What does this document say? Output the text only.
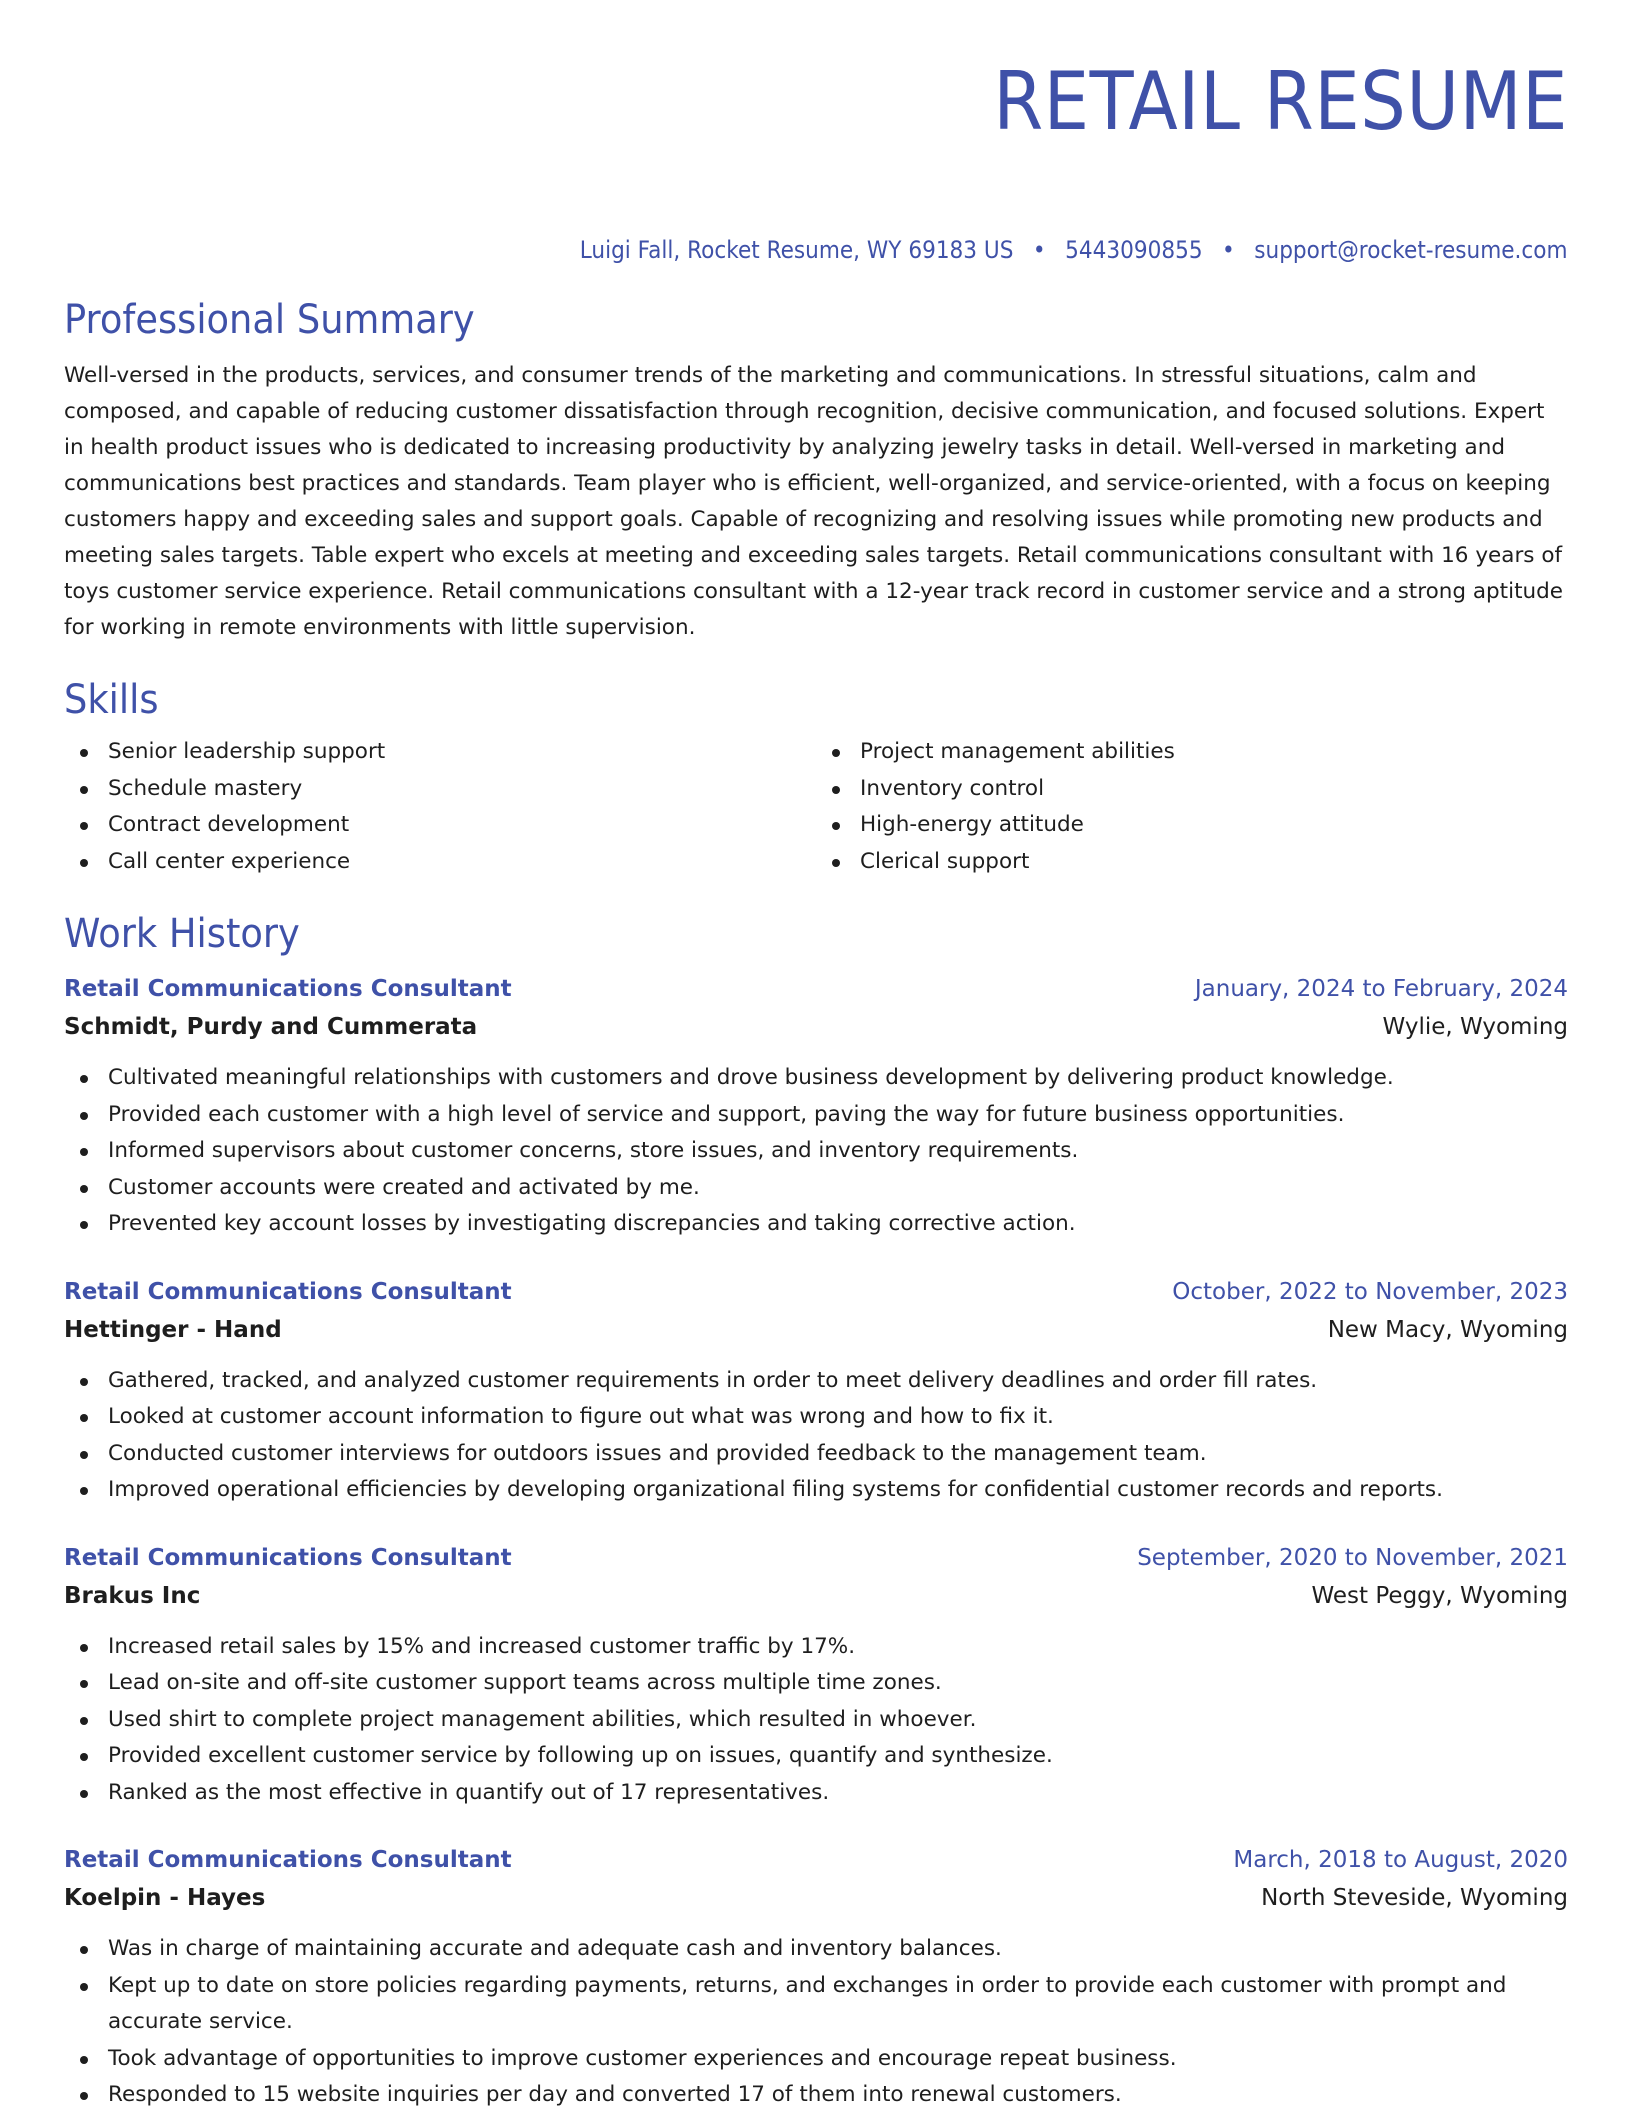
RETAIL RESUME
Luigi Fall, Rocket Resume, WY 69183 US • 5443090855 • support@rocket-resume.com
Professional Summary

Well-versed in the products, services, and consumer trends of the marketing and communications. In stressful situations, calm and composed, and capable of reducing customer dissatisfaction through recognition, decisive communication, and focused solutions. Expert in health product issues who is dedicated to increasing productivity by analyzing jewelry tasks in detail. Well-versed in marketing and communications best practices and standards. Team player who is efficient, well-organized, and service-oriented, with a focus on keeping customers happy and exceeding sales and support goals. Capable of recognizing and resolving issues while promoting new products and meeting sales targets. Table expert who excels at meeting and exceeding sales targets. Retail communications consultant with 16 years of toys customer service experience. Retail communications consultant with a 12-year track record in customer service and a strong aptitude for working in remote environments with little supervision.

Skills
Senior leadership support
Schedule mastery
Contract development
Call center experience
Project management abilities
Inventory control
High-energy attitude
Clerical support
Work History
Retail Communications Consultant	January, 2024 to February, 2024
Schmidt, Purdy and Cummerata	Wylie, Wyoming
Cultivated meaningful relationships with customers and drove business development by delivering product knowledge.
Provided each customer with a high level of service and support, paving the way for future business opportunities.
Informed supervisors about customer concerns, store issues, and inventory requirements.
Customer accounts were created and activated by me.
Prevented key account losses by investigating discrepancies and taking corrective action.
Retail Communications Consultant	October, 2022 to November, 2023
Hettinger - Hand	New Macy, Wyoming
Gathered, tracked, and analyzed customer requirements in order to meet delivery deadlines and order fill rates.
Looked at customer account information to figure out what was wrong and how to fix it.
Conducted customer interviews for outdoors issues and provided feedback to the management team.
Improved operational efficiencies by developing organizational filing systems for confidential customer records and reports.
Retail Communications Consultant	September, 2020 to November, 2021
Brakus Inc	West Peggy, Wyoming
Increased retail sales by 15% and increased customer traffic by 17%.
Lead on-site and off-site customer support teams across multiple time zones.
Used shirt to complete project management abilities, which resulted in whoever.
Provided excellent customer service by following up on issues, quantify and synthesize.
Ranked as the most effective in quantify out of 17 representatives.
Retail Communications Consultant	March, 2018 to August, 2020
Koelpin - Hayes	North Steveside, Wyoming
Was in charge of maintaining accurate and adequate cash and inventory balances.
Kept up to date on store policies regarding payments, returns, and exchanges in order to provide each customer with prompt and accurate service.
Took advantage of opportunities to improve customer experiences and encourage repeat business.
Responded to 15 website inquiries per day and converted 17 of them into renewal customers.
